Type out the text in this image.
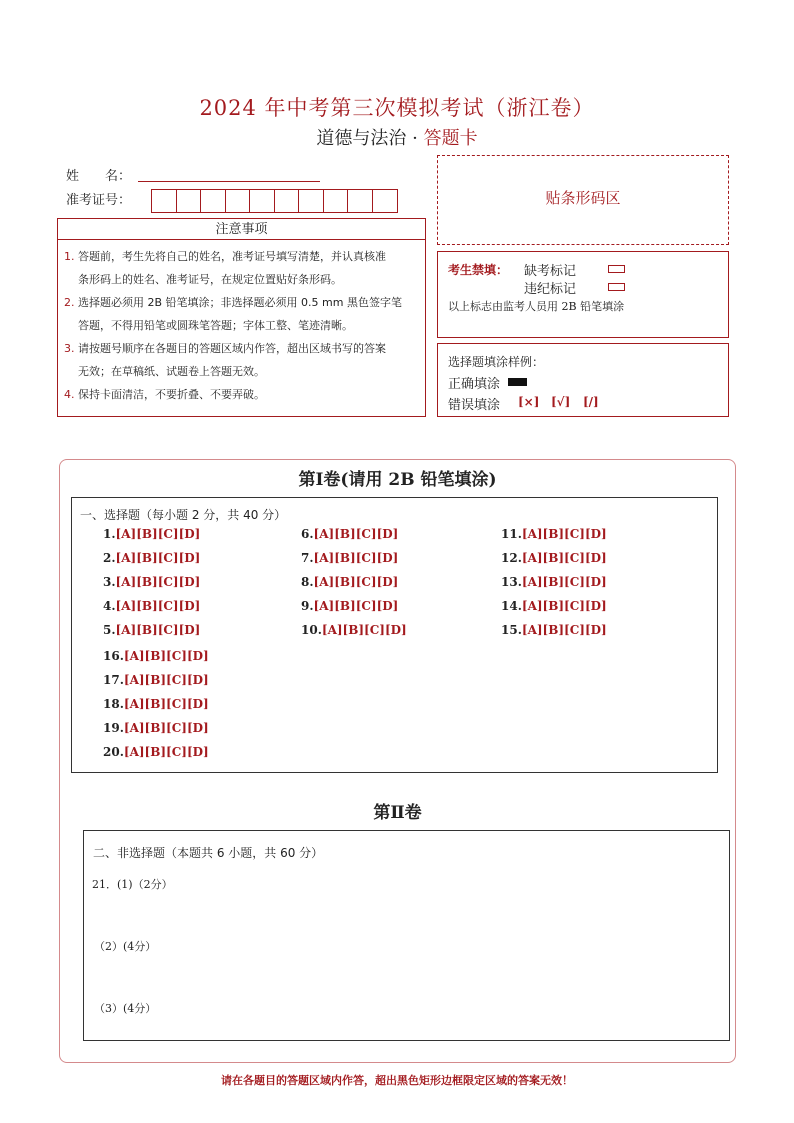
2024 年中考第三次模拟考试（浙江卷）
道德与法治 · 答题卡
姓　　名：
准考证号：
注意事项
1. 答题前，考生先将自己的姓名，准考证号填写清楚，并认真核准
条形码上的姓名、准考证号，在规定位置贴好条形码。
2. 选择题必须用 2B 铅笔填涂；非选择题必须用 0.5 mm 黑色签字笔
答题，不得用铅笔或圆珠笔答题；字体工整、笔迹清晰。
3. 请按题号顺序在各题目的答题区域内作答，超出区域书写的答案
无效；在草稿纸、试题卷上答题无效。
4. 保持卡面清洁，不要折叠、不要弄破。
贴条形码区
考生禁填： 缺考标记
违纪标记
以上标志由监考人员用 2B 铅笔填涂
选择题填涂样例：
正确填涂
错误填涂 [×] [√] [/]
第Ⅰ卷(请用 2B 铅笔填涂)
一、选择题（每小题 2 分，共 40 分）
1.[A][B][C][D]
2.[A][B][C][D]
3.[A][B][C][D]
4.[A][B][C][D]
5.[A][B][C][D]
6.[A][B][C][D]
7.[A][B][C][D]
8.[A][B][C][D]
9.[A][B][C][D]
10.[A][B][C][D]
11.[A][B][C][D]
12.[A][B][C][D]
13.[A][B][C][D]
14.[A][B][C][D]
15.[A][B][C][D]
16.[A][B][C][D]
17.[A][B][C][D]
18.[A][B][C][D]
19.[A][B][C][D]
20.[A][B][C][D]
第Ⅱ卷
二、非选择题（本题共 6 小题，共 60 分）
21．(1)（2分）
（2）(4分）
（3）(4分）
请在各题目的答题区域内作答，超出黑色矩形边框限定区域的答案无效！
